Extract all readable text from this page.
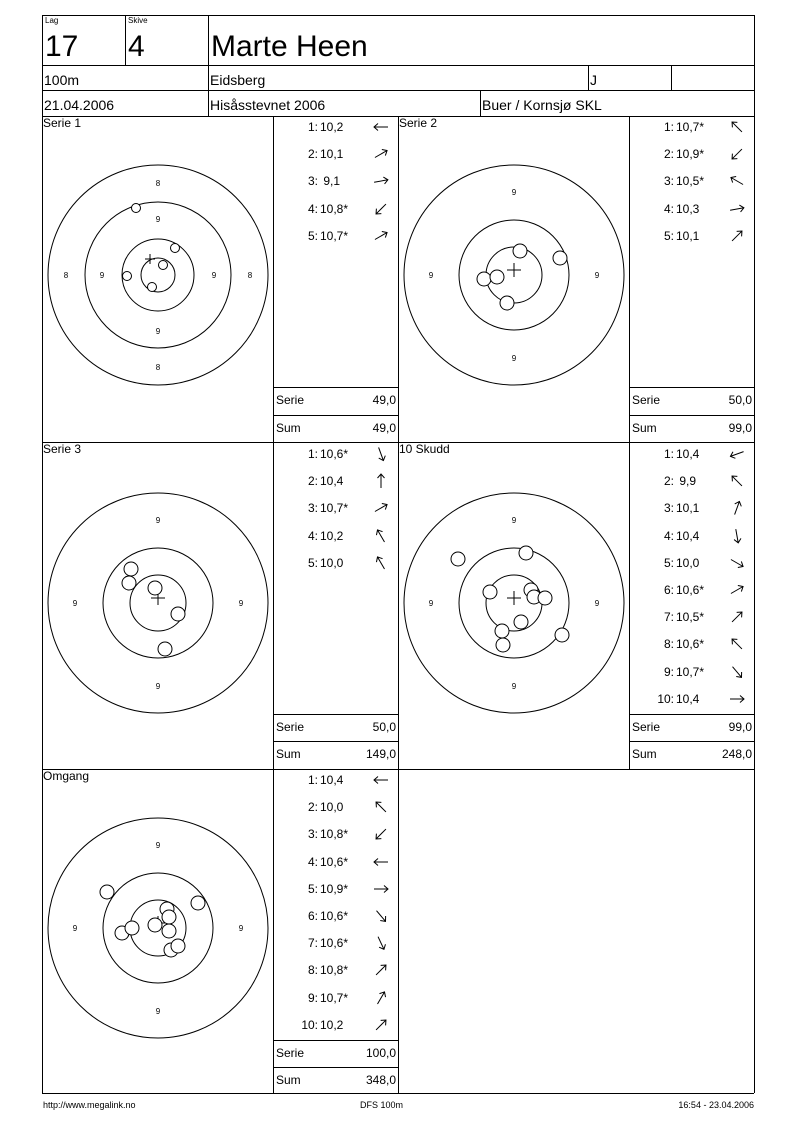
Lag
17
Skive
4 Marte Heen
100m	Eidsberg	J
21.04.2006	Hisåsstevnet 2006	Buer / Kornsjø SKL
Serie 1
8
8
8	8
9
9
9	9
1: 10,2
2: 10,1
3: 9,1
4: 10,8*
5: 10,7*
Serie	49,0
Sum	49,0
Serie 2
9
9
9	9
1: 10,7*
2: 10,9*
3: 10,5*
4: 10,3
5: 10,1
Serie	50,0
Sum	99,0
Serie 3
9
9
9	9
1: 10,6*
2: 10,4
3: 10,7*
4: 10,2
5: 10,0
Serie	50,0
Sum	149,0
10 Skudd
9
9
9	9
1: 10,4
2: 9,9
3: 10,1
4: 10,4
5: 10,0
6: 10,6*
7: 10,5*
8: 10,6*
9: 10,7*
10: 10,4
Serie	99,0
Sum	248,0
Omgang
9
9
9	9
1: 10,4
2: 10,0
3: 10,8*
4: 10,6*
5: 10,9*
6: 10,6*
7: 10,6*
8: 10,8*
9: 10,7*
10: 10,2
Serie	100,0
Sum	348,0
http://www.megalink.no	DFS 100m	16:54 - 23.04.2006
